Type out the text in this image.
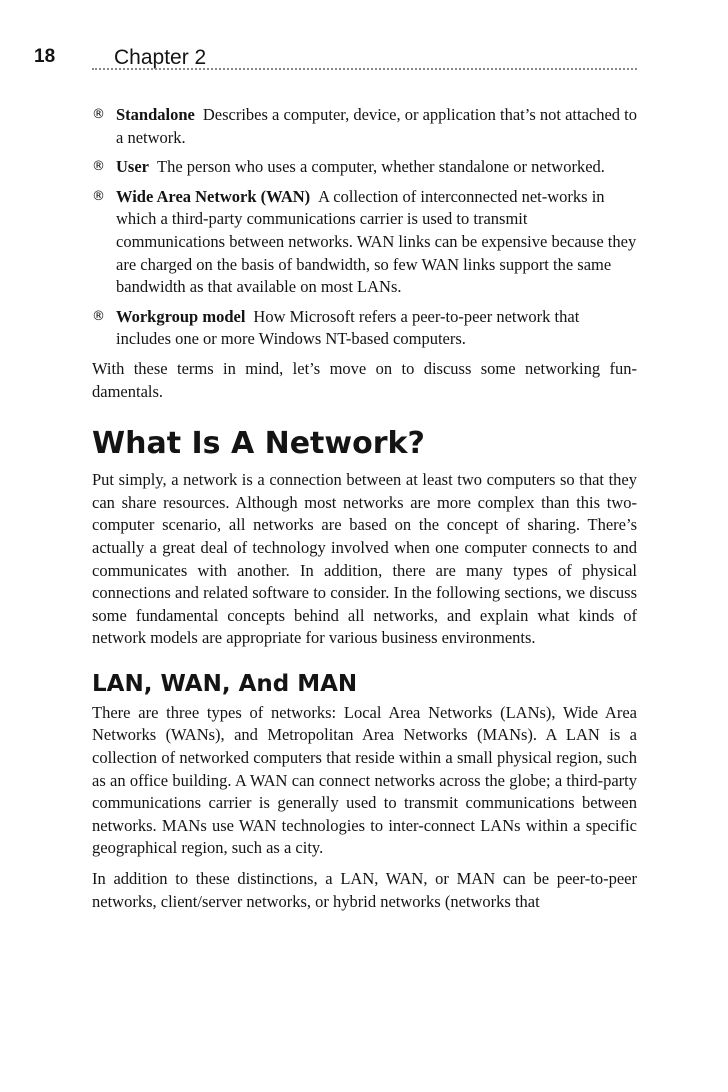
18	Chapter 2
® Standalone Describes a computer, device, or application that’s not attached to a network.
® User The person who uses a computer, whether standalone or networked.
® Wide Area Network (WAN) A collection of interconnected net-works in which a third-party communications carrier is used to transmit communications between networks. WAN links can be expensive because they are charged on the basis of bandwidth, so few WAN links support the same bandwidth as that available on most LANs.
® Workgroup model How Microsoft refers a peer-to-peer network that includes one or more Windows NT-based computers.

With these terms in mind, let’s move on to discuss some networking fun-damentals.

What Is A Network?

Put simply, a network is a connection between at least two computers so that they can share resources. Although most networks are more complex than this two-computer scenario, all networks are based on the concept of sharing. There’s actually a great deal of technology involved when one computer connects to and communicates with another. In addition, there are many types of physical connections and related software to consider. In the following sections, we discuss some fundamental concepts behind all networks, and explain what kinds of network models are appropriate for various business environments.

LAN, WAN, And MAN

There are three types of networks: Local Area Networks (LANs), Wide Area Networks (WANs), and Metropolitan Area Networks (MANs). A LAN is a collection of networked computers that reside within a small physical region, such as an office building. A WAN can connect networks across the globe; a third-party communications carrier is generally used to transmit communications between networks. MANs use WAN technologies to inter-connect LANs within a specific geographical region, such as a city.

In addition to these distinctions, a LAN, WAN, or MAN can be peer-to-peer networks, client/server networks, or hybrid networks (networks that
